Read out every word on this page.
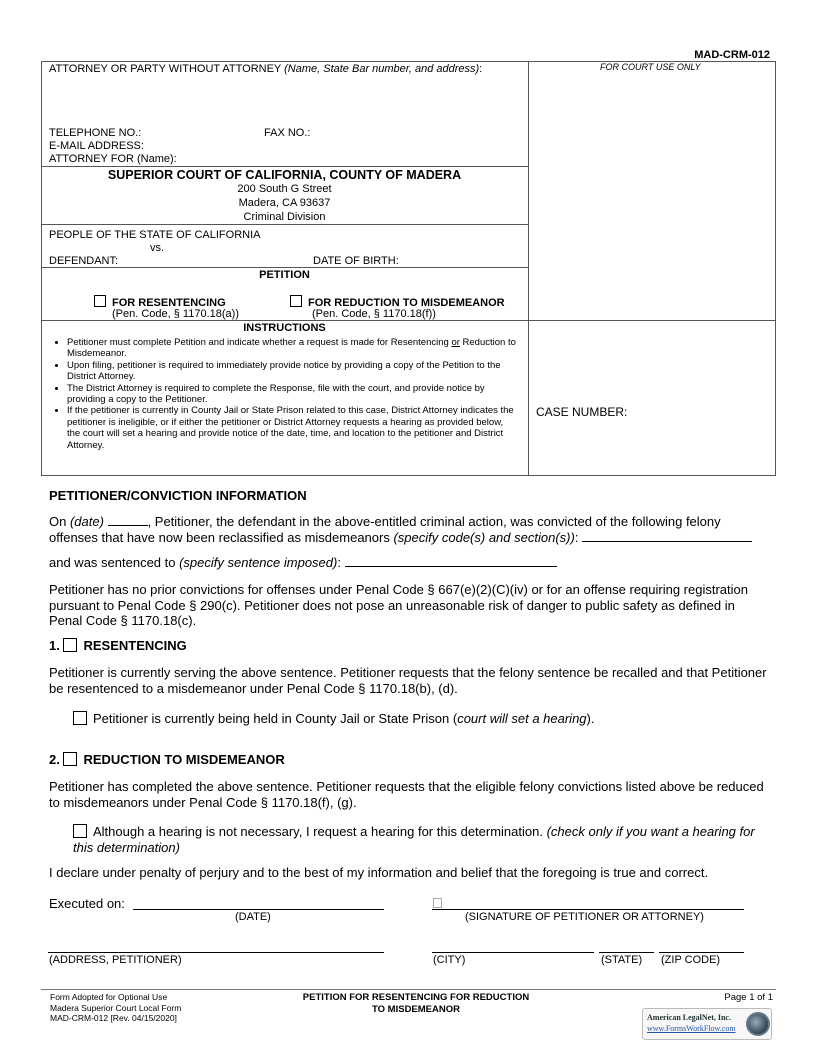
MAD-CRM-012
ATTORNEY OR PARTY WITHOUT ATTORNEY (Name, State Bar number, and address):	FOR COURT USE ONLY
TELEPHONE NO.:	FAX NO.:
E-MAIL ADDRESS:
ATTORNEY FOR (Name):
SUPERIOR COURT OF CALIFORNIA, COUNTY OF MADERA
200 South G Street
Madera, CA 93637
Criminal Division
PEOPLE OF THE STATE OF CALIFORNIA
vs.
DEFENDANT:	DATE OF BIRTH:
PETITION
FOR RESENTENCING
(Pen. Code, § 1170.18(a))
FOR REDUCTION TO MISDEMEANOR
(Pen. Code, § 1170.18(f))
INSTRUCTIONS
• Petitioner must complete Petition and indicate whether a request is made for Resentencing or Reduction to Misdemeanor.
• Upon filing, petitioner is required to immediately provide notice by providing a copy of the Petition to the District Attorney.
• The District Attorney is required to complete the Response, file with the court, and provide notice by providing a copy to the Petitioner.
• If the petitioner is currently in County Jail or State Prison related to this case, District Attorney indicates the petitioner is ineligible, or if either the petitioner or District Attorney requests a hearing as provided below, the court will set a hearing and provide notice of the date, time, and location to the petitioner and District Attorney.
CASE NUMBER:
PETITIONER/CONVICTION INFORMATION
On (date)	, Petitioner, the defendant in the above-entitled criminal action, was convicted of the following felony offenses that have now been reclassified as misdemeanors (specify code(s) and section(s)):
and was sentenced to (specify sentence imposed):
Petitioner has no prior convictions for offenses under Penal Code § 667(e)(2)(C)(iv) or for an offense requiring registration pursuant to Penal Code § 290(c). Petitioner does not pose an unreasonable risk of danger to public safety as defined in Penal Code § 1170.18(c).
1. RESENTENCING
Petitioner is currently serving the above sentence. Petitioner requests that the felony sentence be recalled and that Petitioner be resentenced to a misdemeanor under Penal Code § 1170.18(b), (d).
Petitioner is currently being held in County Jail or State Prison (court will set a hearing).
2. REDUCTION TO MISDEMEANOR
Petitioner has completed the above sentence. Petitioner requests that the eligible felony convictions listed above be reduced to misdemeanors under Penal Code § 1170.18(f), (g).
Although a hearing is not necessary, I request a hearing for this determination. (check only if you want a hearing for this determination)
I declare under penalty of perjury and to the best of my information and belief that the foregoing is true and correct.
Executed on:
(DATE)	(SIGNATURE OF PETITIONER OR ATTORNEY)
(ADDRESS, PETITIONER)	(CITY)	(STATE) (ZIP CODE)
Form Adopted for Optional Use
Madera Superior Court Local Form
MAD-CRM-012 [Rev. 04/15/2020]
PETITION FOR RESENTENCING FOR REDUCTION
TO MISDEMEANOR
Page 1 of 1
American LegalNet, Inc.
www.FormsWorkFlow.com
